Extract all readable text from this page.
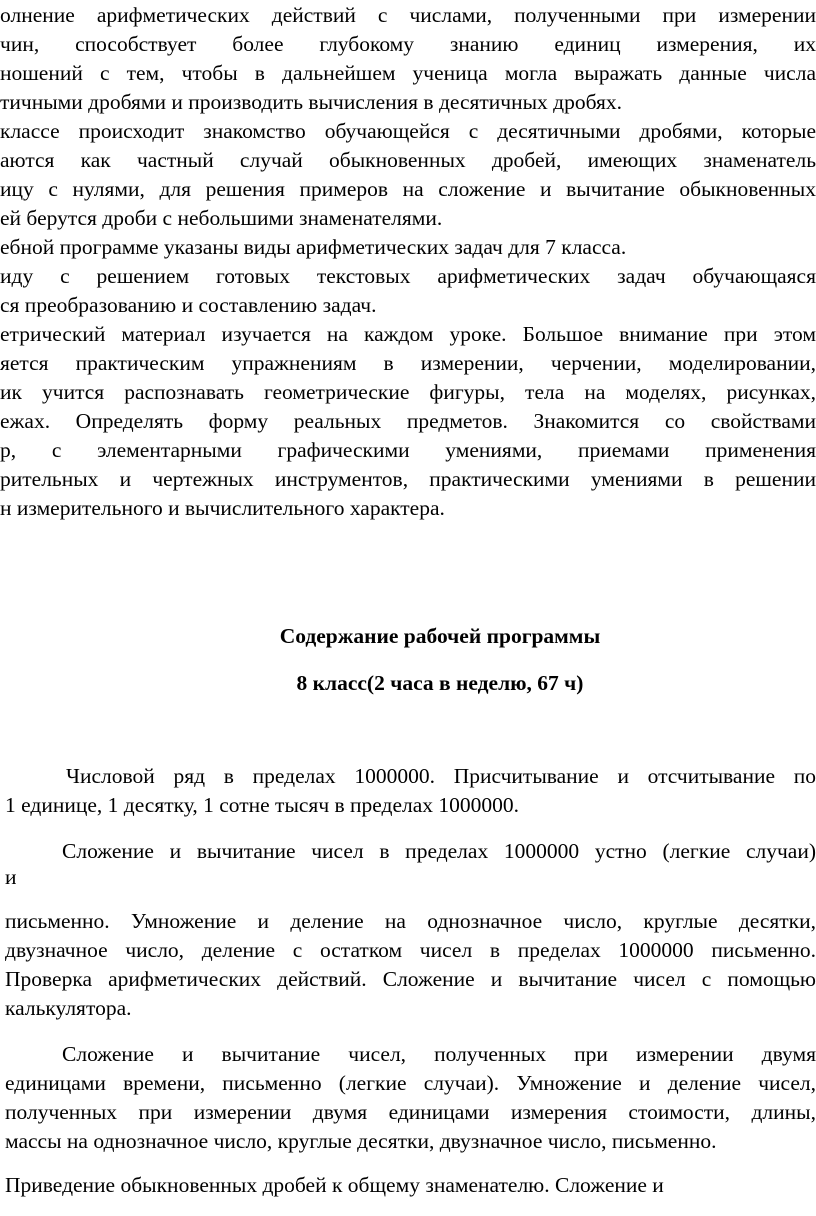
олнение арифметических действий с числами, полученными при измерении
чин, способствует более глубокому знанию единиц измерения, их
ношений с тем, чтобы в дальнейшем ученица могла выражать данные числа
тичными дробями и производить вычисления в десятичных дробях.
классе происходит знакомство обучающейся с десятичными дробями, которые
аются как частный случай обыкновенных дробей, имеющих знаменатель
ицу с нулями, для решения примеров на сложение и вычитание обыкновенных
ей берутся дроби с небольшими знаменателями.
ебной программе указаны виды арифметических задач для 7 класса.
иду с решением готовых текстовых арифметических задач обучающаяся
ся преобразованию и составлению задач.
етрический материал изучается на каждом уроке. Большое внимание при этом
яется практическим упражнениям в измерении, черчении, моделировании,
ик учится распознавать геометрические фигуры, тела на моделях, рисунках,
ежах. Определять форму реальных предметов. Знакомится со свойствами
р, с элементарными графическими умениями, приемами применения
рительных и чертежных инструментов, практическими умениями в решении
н измерительного и вычислительного характера.
Содержание рабочей программы
8 класс(2 часа в неделю, 67 ч)
Числовой ряд в пределах 1000000. Присчитывание и отсчитывание по
1 единице, 1 десятку, 1 сотне тысяч в пределах 1000000.
Сложение и вычитание чисел в пределах 1000000 устно (легкие случаи)
и
письменно. Умножение и деление на однозначное число, круглые десятки,
двузначное число, деление с остатком чисел в пределах 1000000 письменно.
Проверка арифметических действий. Сложение и вычитание чисел с помощью
калькулятора.
Сложение и вычитание чисел, полученных при измерении двумя
единицами времени, письменно (легкие случаи). Умножение и деление чисел,
полученных при измерении двумя единицами измерения стоимости, длины,
массы на однозначное число, круглые десятки, двузначное число, письменно.
Приведение обыкновенных дробей к общему знаменателю. Сложение и
